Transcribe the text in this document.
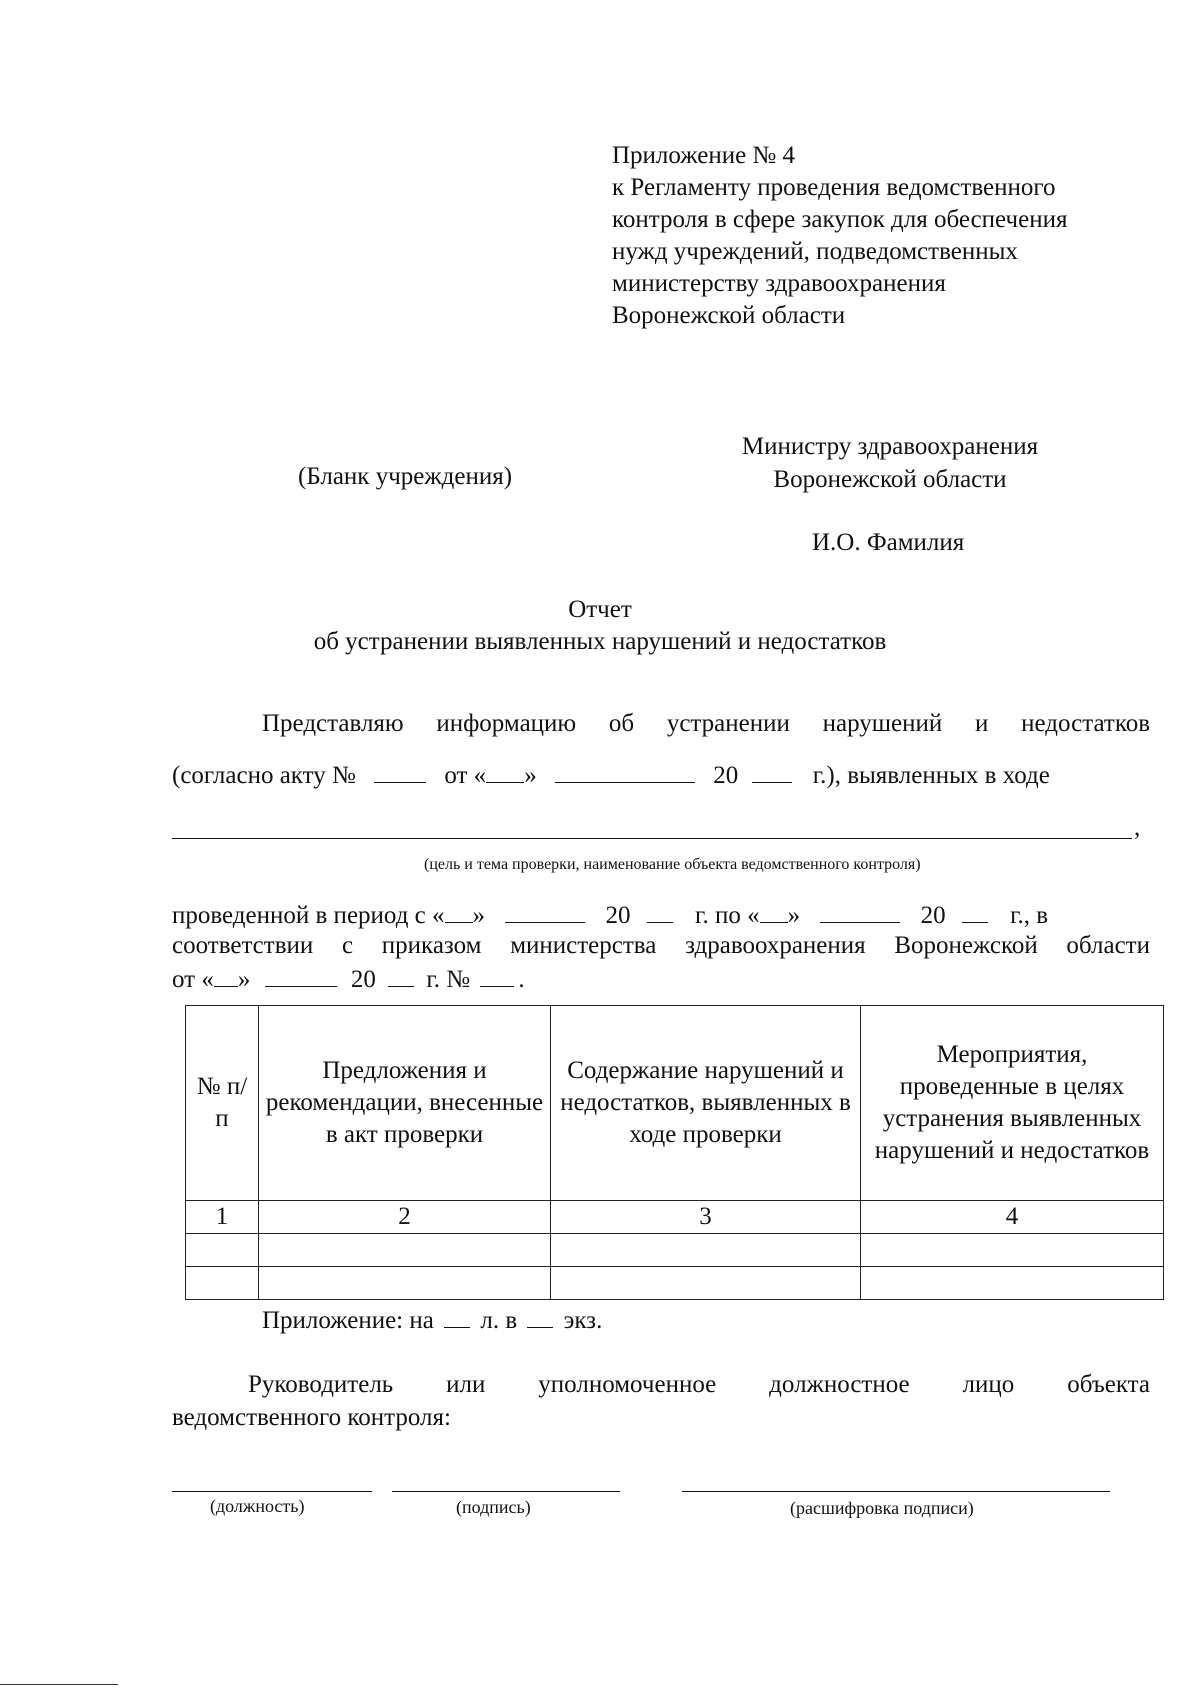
Приложение № 4
к Регламенту проведения ведомственного
контроля в сфере закупок для обеспечения
нужд учреждений, подведомственных
министерству здравоохранения
Воронежской области
(Бланк учреждения)
Министру здравоохранения
Воронежской области
И.О. Фамилия
Отчет
об устранении выявленных нарушений и недостатков
Представляю информацию об устранении нарушений и недостатков
(согласно акту №	от « »	20	г.), выявленных в ходе
,
(цель и тема проверки, наименование объекта ведомственного контроля)
проведенной в период с « »	20	г. по « »	20	г., в
соответствии с приказом министерства здравоохранения Воронежской области
от « »	20 г. № .
№ п/п	Предложения и рекомендации, внесенные в акт проверки	Содержание нарушений и недостатков, выявленных в ходе проверки	Мероприятия, проведенные в целях устранения выявленных нарушений и недостатков
1	2	3	4

Приложение: на л. в экз.
Руководитель или уполномоченное должностное лицо объекта
ведомственного контроля:
(должность)	(подпись)	(расшифровка подписи)
